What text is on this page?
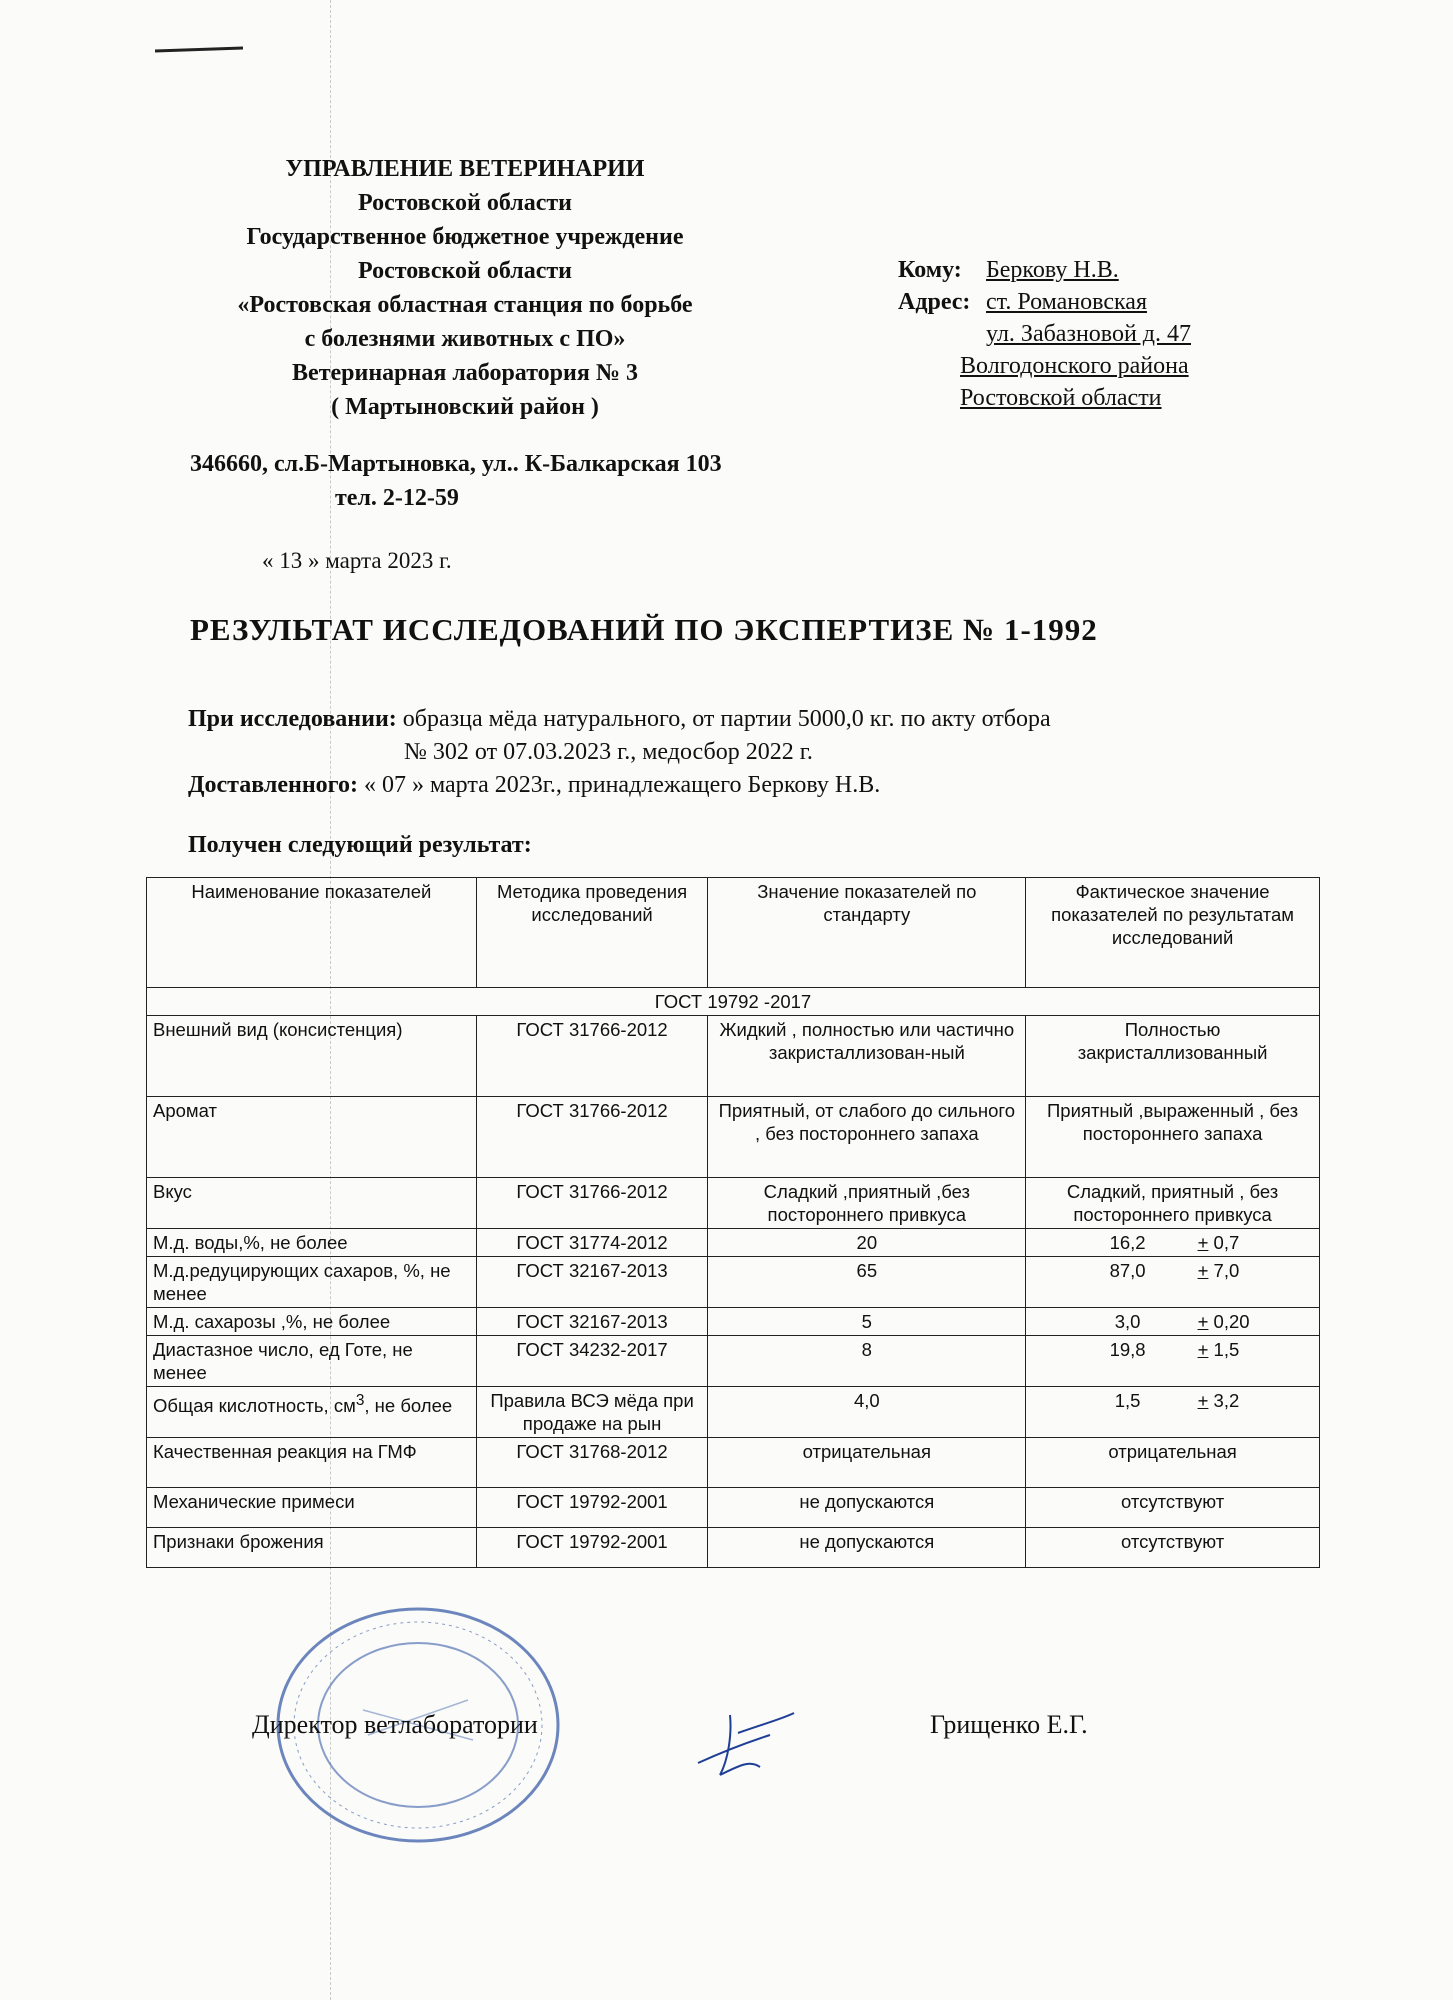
УПРАВЛЕНИЕ ВЕТЕРИНАРИИ
Ростовской области
Государственное бюджетное учреждение
Ростовской области
«Ростовская областная станция по борьбе
с болезнями животных с ПО»
Ветеринарная лаборатория № 3
( Мартыновский район )
Кому: Беркову Н.В.
Адрес: ст. Романовская
ул. Забазновой д. 47
Волгодонского района
Ростовской области
346660, сл.Б-Мартыновка, ул.. К-Балкарская 103
тел. 2-12-59
« 13 » марта 2023 г.
РЕЗУЛЬТАТ ИССЛЕДОВАНИЙ ПО ЭКСПЕРТИЗЕ № 1-1992
При исследовании: образца мёда натурального, от партии 5000,0 кг. по акту отбора
№ 302 от 07.03.2023 г., медосбор 2022 г.
Доставленного: « 07 » марта 2023г., принадлежащего Беркову Н.В.
Получен следующий результат:
Наименование показателей	Методика проведения исследований	Значение показателей по стандарту	Фактическое значение показателей по результатам исследований
ГОСТ 19792 -2017			
Внешний вид (консистенция)	ГОСТ 31766-2012	Жидкий , полностью или частично закристаллизован-ный	Полностью закристаллизованный
Аромат	ГОСТ 31766-2012	Приятный, от слабого до сильного , без постороннего запаха	Приятный ,выраженный , без постороннего запаха
Вкус	ГОСТ 31766-2012	Сладкий ,приятный ,без постороннего привкуса	Сладкий, приятный , без постороннего привкуса
М.д. воды,%, не более	ГОСТ 31774-2012	20	16,2 + 0,7
М.д.редуцирующих сахаров, %, не менее	ГОСТ 32167-2013	65	87,0 + 7,0
М.д. сахарозы ,%, не более	ГОСТ 32167-2013	5	3,0 + 0,20
Диастазное число, ед Готе, не менее	ГОСТ 34232-2017	8	19,8 + 1,5
Общая кислотность, $см^3$, не более	Правила ВСЭ мёда при продаже на рын	4,0	1,5 + 3,2
Качественная реакция на ГМФ	ГОСТ 31768-2012	отрицательная	отрицательная
Механические примеси	ГОСТ 19792-2001	не допускаются	отсутствуют
Признаки брожения	ГОСТ 19792-2001	не допускаются	отсутствуют
Директор ветлаборатории	Грищенко Е.Г.
